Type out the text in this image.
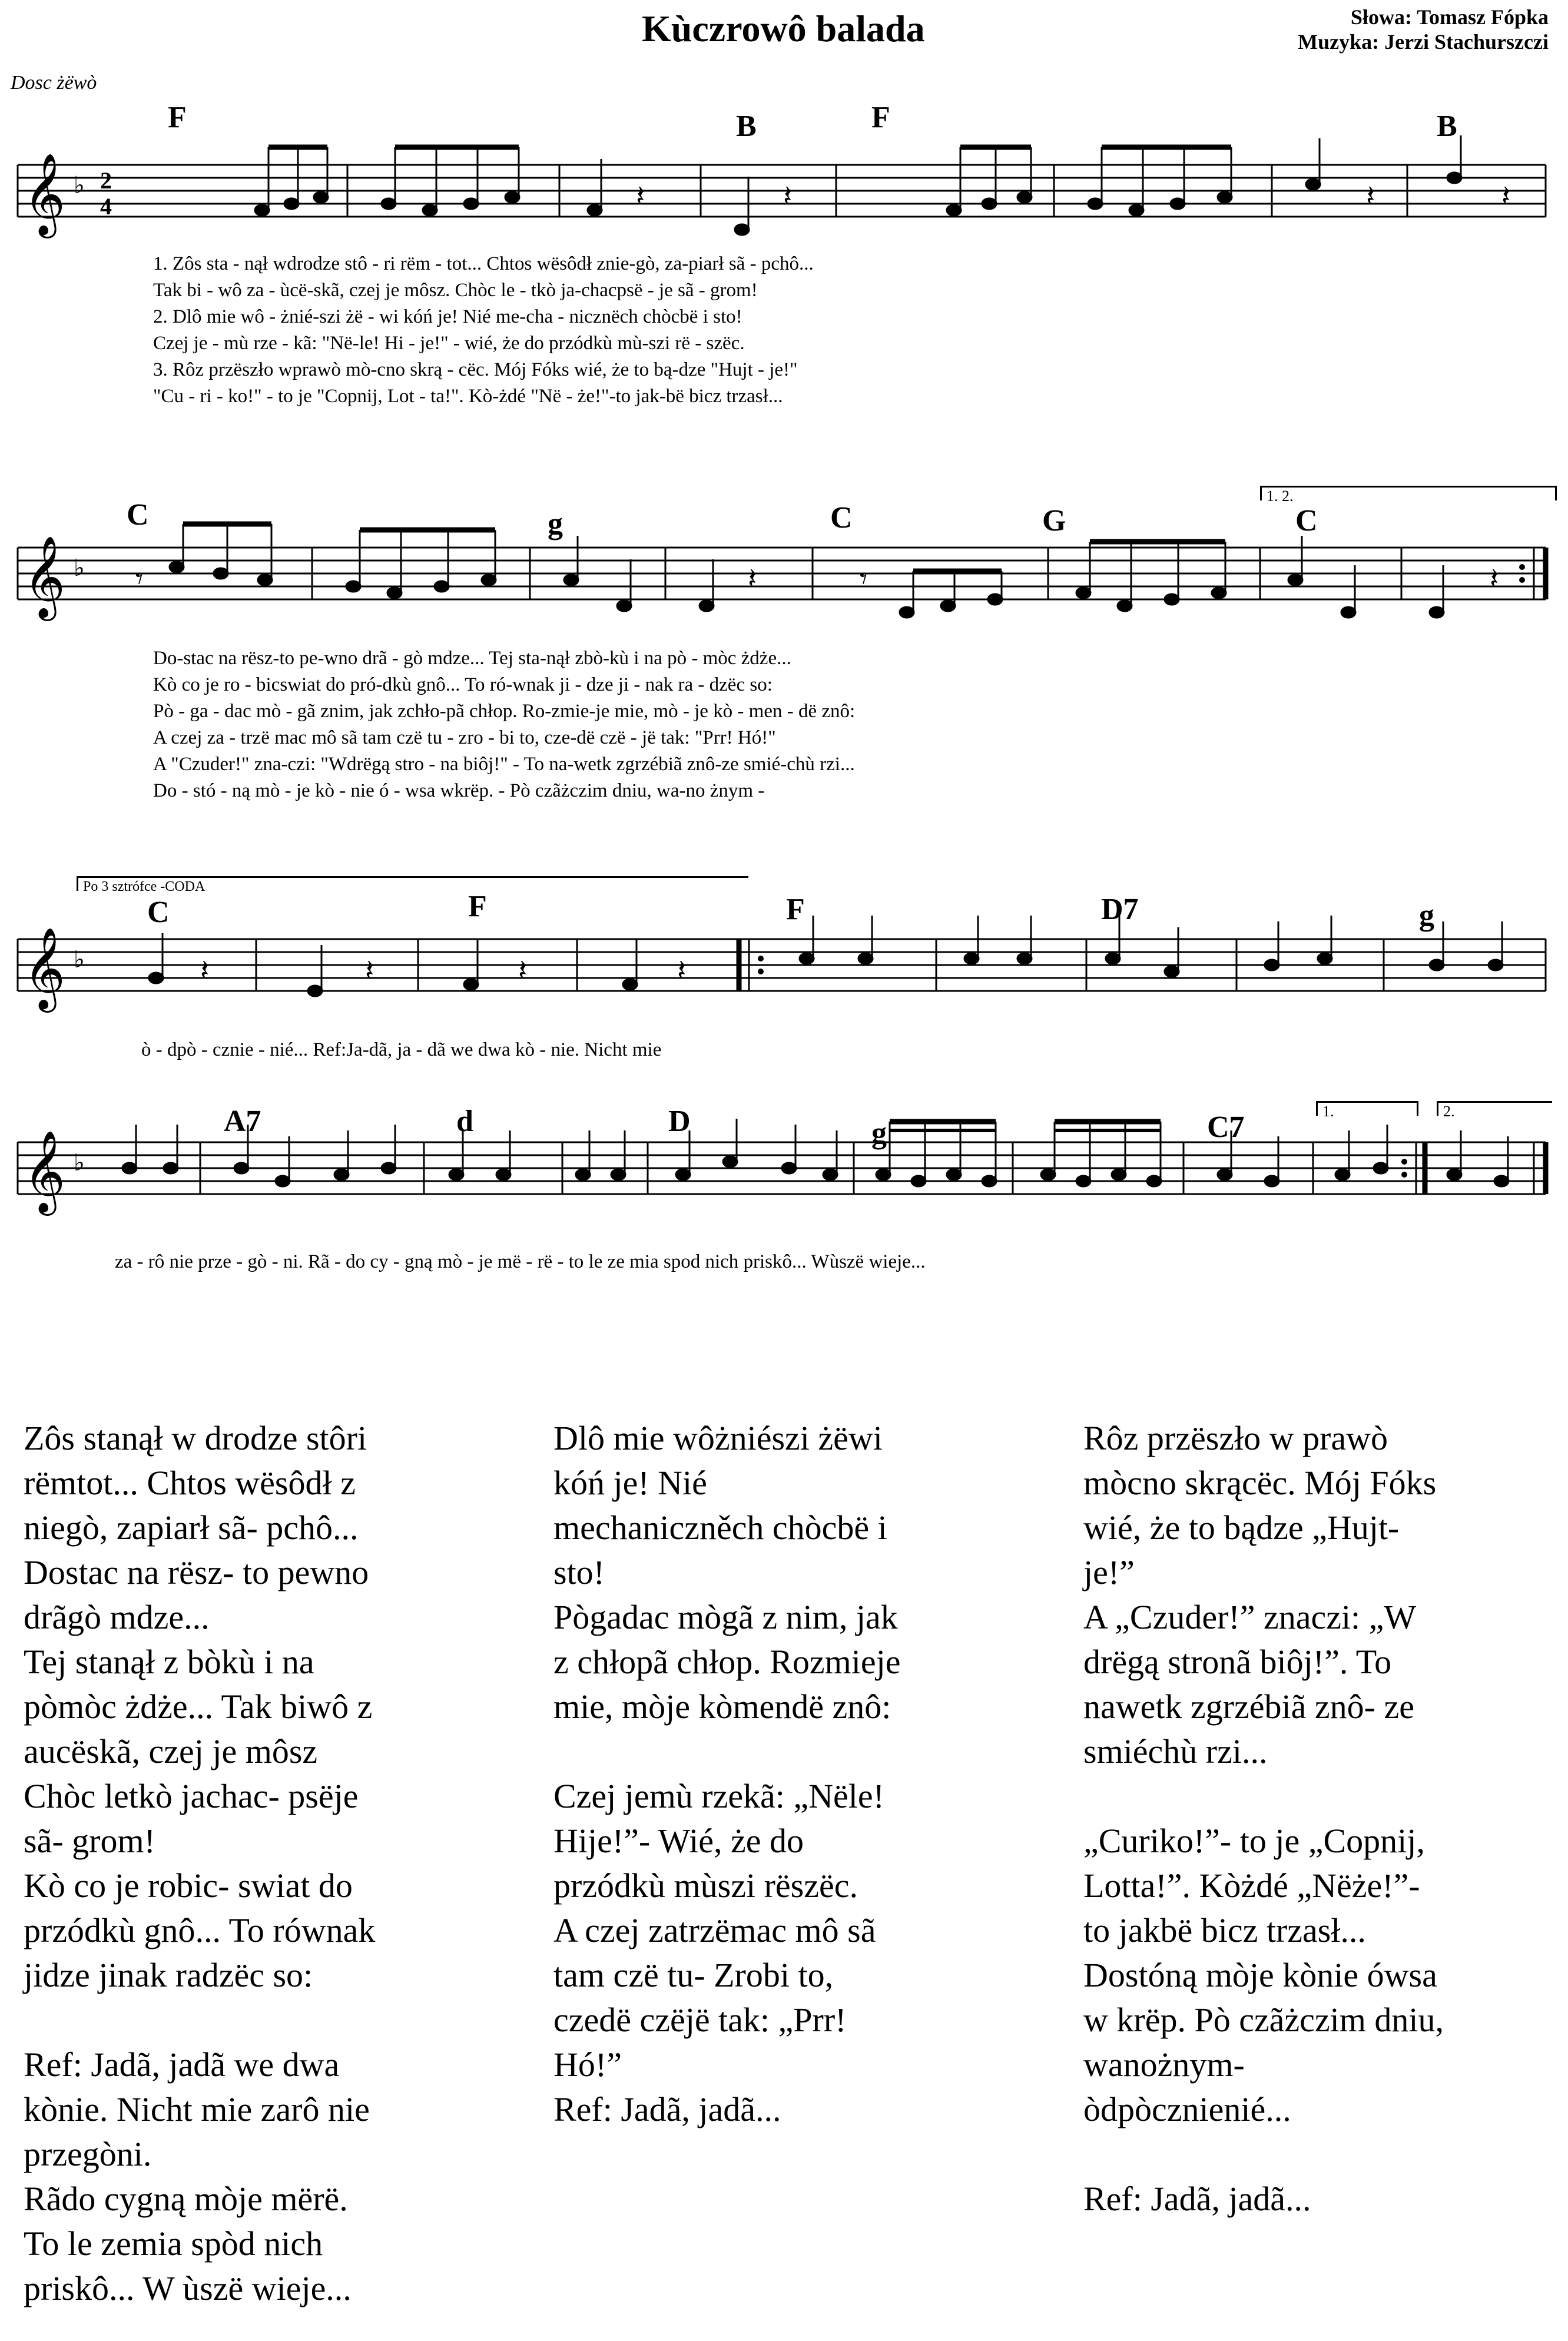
Kùczrowô balada	Słowa: Tomasz Fópka
Muzyka: Jerzi Stachurszczi
Dosc żëwò
F	B	F	B
𝄞 ♭ 2
4	𝄽	𝄽	𝄽	𝄽
1. Zôs sta - nął wdrodze stô - ri rëm - tot... Chtos wësôdł znie-gò, za-piarł sã - pchô...
Tak bi - wô za - ùcë-skã, czej je môsz. Chòc le - tkò ja-chacpsë - je sã - grom!
2. Dlô mie wô - żnié-szi żë - wi kóń je! Nié me-cha - nicznëch chòcbë i sto!
Czej je - mù rze - kã: "Në-le! Hi - je!" - wié, że do przódkù mù-szi rë - szëc.
3. Rôz przëszło wprawò mò-cno skrą - cëc. Mój Fóks wié, że to bą-dze "Hujt - je!"
"Cu - ri - ko!" - to je "Copnij, Lot - ta!". Kò-żdé "Në - że!"-to jak-bë bicz trzasł...
C	g	C	G	C
1. 2.
𝄞 ♭ 𝄾	𝄽	𝄾	𝄽
Do-stac na rësz-to pe-wno drã - gò mdze... Tej sta-nął zbò-kù i na pò - mòc żdże...
Kò co je ro - bicswiat do pró-dkù gnô... To ró-wnak ji - dze ji - nak ra - dzëc so:
Pò - ga - dac mò - gã znim, jak zchło-pã chłop. Ro-zmie-je mie, mò - je kò - men - dë znô:
A czej za - trzë mac mô sã tam czë tu - zro - bi to, cze-dë czë - jë tak: "Prr! Hó!"
A "Czuder!" zna-czi: "Wdrëgą stro - na biôj!" - To na-wetk zgrzébiã znô-ze smié-chù rzi...
Do - stó - ną mò - je kò - nie ó - wsa wkrëp. - Pò czãżczim dniu, wa-no żnym -
Po 3 sztrófce -CODA
C	F	F	D7	g
𝄞 ♭	𝄽	𝄽	𝄽	𝄽
ò - dpò - cznie - nié... Ref:Ja-dã, ja - dã we dwa kò - nie. Nicht mie
A7	d	D	g	C7	1.	2.
𝄞 ♭
za - rô nie prze - gò - ni. Rã - do cy - gną mò - je më - rë - to le ze mia spod nich priskô... Wùszë wieje...
Zôs stanął w drodze stôri
rëmtot... Chtos wësôdł z
niegò, zapiarł sã- pchô...
Dostac na rësz- to pewno
drãgò mdze...
Tej stanął z bòkù i na
pòmòc żdże... Tak biwô z
aucëskã, czej je môsz
Chòc letkò jachac- psëje
sã- grom!
Kò co je robic- swiat do
przódkù gnô... To równak
jidze jinak radzëc so:

Ref: Jadã, jadã we dwa
kònie. Nicht mie zarô nie
przegòni.
Rãdo cygną mòje mërë.
To le zemia spòd nich
priskô... W ùszë wieje...
Dlô mie wôżniészi żëwi
kóń je! Nié
mechaniczněch chòcbë i
sto!
Pògadac mògã z nim, jak
z chłopã chłop. Rozmieje
mie, mòje kòmendë znô:

Czej jemù rzekã: „Nële!
Hije!”- Wié, że do
przódkù mùszi rëszëc.
A czej zatrzëmac mô sã
tam czë tu- Zrobi to,
czedë czëjë tak: „Prr!
Hó!”
Ref: Jadã, jadã...
Rôz przëszło w prawò
mòcno skrącëc. Mój Fóks
wié, że to bądze „Hujt-
je!”
A „Czuder!” znaczi: „W
drëgą stronã biôj!”. To
nawetk zgrzébiã znô- ze
smiéchù rzi...

„Curiko!”- to je „Copnij,
Lotta!”. Kòżdé „Nëże!”-
to jakbë bicz trzasł...
Dostóną mòje kònie ówsa
w krëp. Pò czãżczim dniu,
wanożnym-
òdpòcznienié...

Ref: Jadã, jadã...
